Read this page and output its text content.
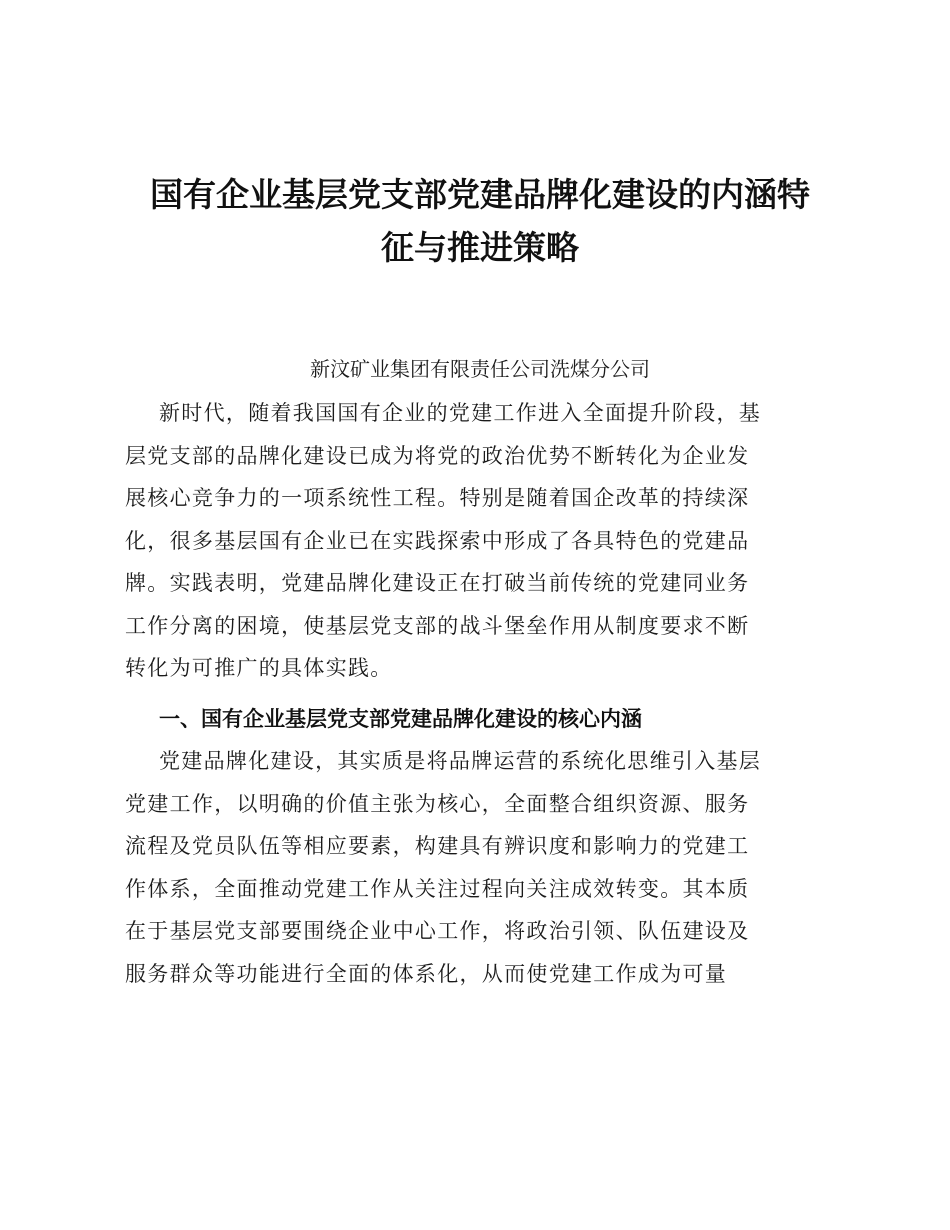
国有企业基层党支部党建品牌化建设的内涵特
征与推进策略

新汶矿业集团有限责任公司洗煤分公司

新时代，随着我国国有企业的党建工作进入全面提升阶段，基
层党支部的品牌化建设已成为将党的政治优势不断转化为企业发
展核心竞争力的一项系统性工程。特别是随着国企改革的持续深
化，很多基层国有企业已在实践探索中形成了各具特色的党建品
牌。实践表明，党建品牌化建设正在打破当前传统的党建同业务
工作分离的困境，使基层党支部的战斗堡垒作用从制度要求不断
转化为可推广的具体实践。

一、国有企业基层党支部党建品牌化建设的核心内涵

党建品牌化建设，其实质是将品牌运营的系统化思维引入基层
党建工作，以明确的价值主张为核心，全面整合组织资源、服务
流程及党员队伍等相应要素，构建具有辨识度和影响力的党建工
作体系，全面推动党建工作从关注过程向关注成效转变。其本质
在于基层党支部要围绕企业中心工作，将政治引领、队伍建设及
服务群众等功能进行全面的体系化，从而使党建工作成为可量
